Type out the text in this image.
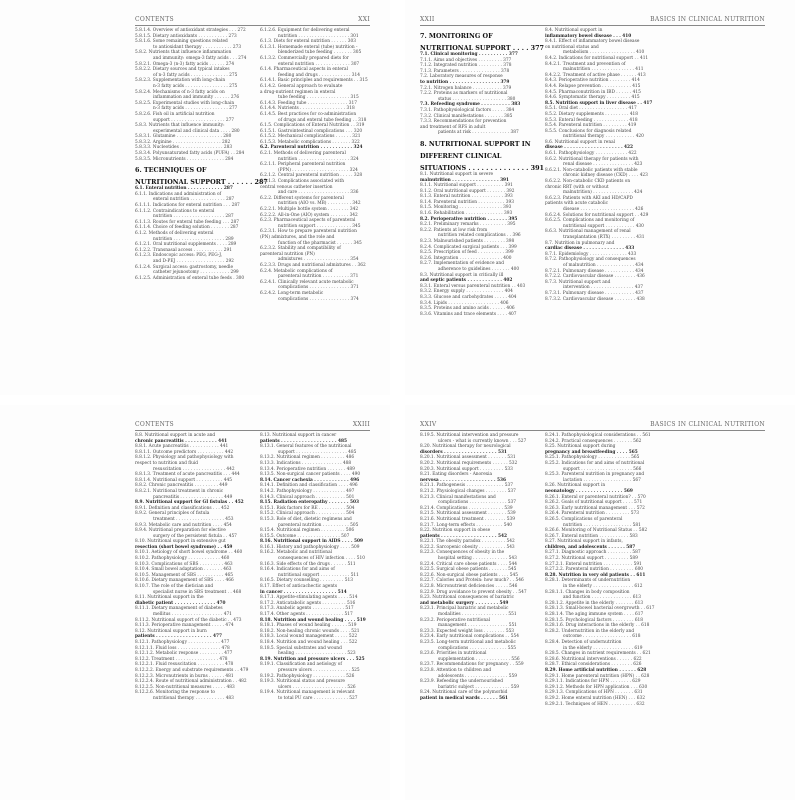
CONTENTS	XXI
5.8.1.4. Overview of antioxidant strategies . . . 272
5.8.1.5. Dietary antioxidants . . . . . . . . . . . 273
5.8.1.6. Some remaining questions related
to antioxidant therapy . . . . . . . . . . . 273
5.8.2. Nutrients that influence inflammation
and immunity: omega-3 fatty acids . . . 274
5.8.2.1. Omega-3 (n-3) fatty acids . . . . . . 274
5.8.2.2. Dietary sources and typical intakes
of n-3 fatty acids . . . . . . . . . . . . . . 275
5.8.2.3. Supplementation with long-chain
n-3 fatty acids . . . . . . . . . . . . . . . . 275
5.8.2.4. Mechanisms of n-3 fatty acids on
inflammation and immunity . . . . . . 276
5.8.2.5. Experimental studies with long-chain
n-3 fatty acids . . . . . . . . . . . . . . . . 277
5.8.2.6. Fish oil in artificial nutrition
support . . . . . . . . . . . . . . . . . . . . 277
5.8.3. Nutrients that influence immunity:
experimental and clinical data . . . . 280
5.8.3.1. Glutamine . . . . . . . . . . . . . . . . . 280
5.8.3.2. Arginine . . . . . . . . . . . . . . . . . . 282
5.8.3.3. Nucleotides . . . . . . . . . . . . . . . . 283
5.8.3.4. Polyunsaturated fatty acids (PUFA) . . 284
5.8.3.5. Micronutrients . . . . . . . . . . . . . . 284
6. TECHNIQUES OF
NUTRITIONAL SUPPORT . . . . . . 287
6.1. Enteral nutrition . . . . . . . . . . . . 287
6.1.1. Indications and administration of
enteral nutrition . . . . . . . . . . . . . 287
6.1.1.1. Indications for enteral nutrition . . . 287
6.1.1.2. Contraindications to enteral
nutrition . . . . . . . . . . . . . . . . . . . 287
6.1.1.3. Routes for enteral tube feeding . . . 287
6.1.1.4. Choice of feeding solution . . . . . . . 287
6.1.2. Methods of delivering enteral
nutrition . . . . . . . . . . . . . . . . . . . 289
6.1.2.1. Oral nutritional supplements . . . . 289
6.1.2.2. Transnasal access . . . . . . . . . . . 291
6.1.2.3. Endoscopic access: PEG, PEG-J,
and D-PEJ . . . . . . . . . . . . . . . . . . 292
6.1.2.4. Surgical access: gastrostomy, needle
catheter jejunostomy . . . . . . . . . . . 299
6.1.2.5. Administration of enteral tube feeds . 300
6.1.2.6. Equipment for delivering enteral
nutrition . . . . . . . . . . . . . . . . . . . 301
6.1.3. Diets for enteral nutrition . . . . . . 303
6.1.3.1. Homemade enteral (tube) nutrition -
blenderized tube feeding . . . . . . . 305
6.1.3.2. Commercially prepared diets for
enteral nutrition . . . . . . . . . . . . . 307
6.1.4. Pharmaceutical aspects in enteral
feeding and drugs . . . . . . . . . . . . 314
6.1.4.1. Basic principles and requirements . . 315
6.1.4.2. General approach to evaluate
a drug-nutrient regimen in enteral
tube feeding . . . . . . . . . . . . . . . . 315
6.1.4.3. Feeding tube . . . . . . . . . . . . . . . 317
6.1.4.4. Nutrients . . . . . . . . . . . . . . . . . 318
6.1.4.5. Best practices for co-administration
of drugs and enteral tube feeding . . 318
6.1.5. Complications of Enteral Nutrition . . 319
6.1.5.1. Gastrointestinal complications . . . 320
6.1.5.2. Mechanical complications . . . . . . 321
6.1.5.3. Metabolic complications . . . . . . . 322
6.2. Parenteral nutrition . . . . . . . . . . . 324
6.2.1. Methods of delivering parenteral
nutrition . . . . . . . . . . . . . . . . . . . 324
6.2.1.1. Peripheral parenteral nutrition
(PPN) . . . . . . . . . . . . . . . . . . . . . 324
6.2.1.2. Central parenteral nutrition . . . . . 328
6.2.1.3. Complications associated with
central venous catheter insertion
and care . . . . . . . . . . . . . . . . . . . 336
6.2.2. Different systems for parenteral
nutrition (AIO vs. MB) . . . . . . . . . 342
6.2.2.1. Multiple bottle system . . . . . . . . 342
6.2.2.2. All-in-One (AIO) system . . . . . . . 342
6.2.3. Pharmaceutical aspects of parenteral
nutrition support . . . . . . . . . . . . . 345
6.2.3.1. How to prepare parenteral nutrition
(PN) admixtures, and the role and
function of the pharmacist . . . . . . 345
6.2.3.2. Stability and compatibility of
parenteral nutrition (PN)
admixtures . . . . . . . . . . . . . . . . . 354
6.2.3.3. Drugs and nutritional admixtures . . 362
6.2.4. Metabolic complications of
parenteral nutrition . . . . . . . . . . 371
6.2.4.1. Clinically relevant acute metabolic
complications . . . . . . . . . . . . . . . 371
6.2.4.2. Long-term metabolic
complications . . . . . . . . . . . . . . . 374
XXII	BASICS IN CLINICAL NUTRITION
7. MONITORING OF
NUTRITIONAL SUPPORT . . . . 377
7.1. Clinical monitoring . . . . . . . . . . 377
7.1.1. Aims and objectives . . . . . . . . . 377
7.1.2. Integrated nutrition . . . . . . . . . 378
7.1.3. Parameters . . . . . . . . . . . . . . . 378
7.2. Laboratory measures of response
to nutrition . . . . . . . . . . . . . . . . . 379
7.2.1. Nitrogen balance . . . . . . . . . . . 379
7.2.2. Proteins as markers of nutritional
status . . . . . . . . . . . . . . . . . . . . 380
7.3. Refeeding syndrome . . . . . . . . . . 383
7.3.1. Pathophysiological factors . . . . . 384
7.3.2. Clinical manifestations . . . . . . . 385
7.3.3. Recommendations for prevention
and treatment of RFS in adult
patients at risk . . . . . . . . . . . . . . 387
8. NUTRITIONAL SUPPORT IN
DIFFERENT CLINICAL
SITUATIONS . . . . . . . . . . . . . . 391
8.1. Nutritional support in severe
malnutrition . . . . . . . . . . . . . . . . 391
8.1.1. Nutritional support . . . . . . . . . . 391
8.1.2. Oral nutritional support . . . . . . . 392
8.1.3. Enteral nutrition . . . . . . . . . . . . 393
8.1.4. Parenteral nutrition . . . . . . . . . . 393
8.1.5. Monitoring . . . . . . . . . . . . . . . . 393
8.1.6. Rehabilitation . . . . . . . . . . . . . . 393
8.2. Perioperative nutrition . . . . . . . 395
8.2.1. Preliminary remarks . . . . . . . . . . 395
8.2.2. Patients at low risk from
nutrition related complications . . 396
8.2.3. Malnourished patients . . . . . . . . 398
8.2.4. Complicated surgical patients . . . 399
8.2.5. Prescription of feed . . . . . . . . . . 399
8.2.6. Integration . . . . . . . . . . . . . . . . 400
8.2.7. Implementation of evidence and
adherence to guidelines . . . . . . . 400
8.3. Nutritional support in critically ill
and septic patients . . . . . . . . . . . . 402
8.3.1. Enteral versus parenteral nutrition . . 403
8.3.2. Energy supply . . . . . . . . . . . . . . 404
8.3.3. Glucose and carbohydrates . . . . . 404
8.3.4. Lipids . . . . . . . . . . . . . . . . . . . 406
8.3.5. Proteins and amino acids . . . . . . 406
8.3.6. Vitamins and trace elements . . . . 407
8.4. Nutritional support in
inflammatory bowel disease . . . 410
8.4.1. Effect of inflammatory bowel disease
on nutritional status and
metabolism . . . . . . . . . . . . . . . . . 410
8.4.2. Indications for nutritional support . . 411
8.4.2.1. Treatment and prevention of
malnutrition . . . . . . . . . . . . . . . . 411
8.4.2.2. Treatment of active phase . . . . . . 413
8.4.3. Perioperative nutrition . . . . . . . . 414
8.4.4. Relapse prevention . . . . . . . . . . . 415
8.4.5. Pharmaconutrition in IBD . . . . . . 415
8.4.6. Symptomatic therapy . . . . . . . . . 415
8.5. Nutrition support in liver disease . . 417
8.5.1. Oral diet . . . . . . . . . . . . . . . . . . 417
8.5.2. Dietary supplements . . . . . . . . . 418
8.5.3. Enteral feeding . . . . . . . . . . . . . 418
8.5.4. Parenteral nutrition . . . . . . . . . 419
8.5.5. Conclusions for diagnosis related
nutritional therapy . . . . . . . . . . . 420
8.6. Nutritional support in renal
disease . . . . . . . . . . . . . . . . . . . . 422
8.6.1. Pathophysiology . . . . . . . . . . . . 422
8.6.2. Nutritional therapy for patients with
renal disease . . . . . . . . . . . . . . . 423
8.6.2.1. Non-catabolic patients with stable
chronic kidney disease (CKD) . . . . 423
8.6.2.2. Non-catabolic CKD patients on
chronic RRT (with or without
malnutrition) . . . . . . . . . . . . . . . 424
8.6.2.3. Patients with AKI and HD/CAPD
patients with acute catabolic
disease . . . . . . . . . . . . . . . . . . . . 426
8.6.2.4. Solutions for nutritional support . . 429
8.6.2.5. Complications and monitoring of
nutritional support . . . . . . . . . . . 430
8.6.3. Nutritional management of renal
transplantation (RTX) . . . . . . . . . 431
8.7. Nutrition in pulmonary and
cardiac disease . . . . . . . . . . . . . . 433
8.7.1. Epidemiology . . . . . . . . . . . . . . 433
8.7.2. Pathophysiology and consequences
of malnutrition . . . . . . . . . . . . . . 434
8.7.2.1. Pulmonary disease . . . . . . . . . . . 434
8.7.2.2. Cardiovascular disease . . . . . . . . 436
8.7.3. Nutritional support and
intervention . . . . . . . . . . . . . . . . 437
8.7.3.1. Pulmonary disease . . . . . . . . . . . 437
8.7.3.2. Cardiovascular disease . . . . . . . . 438
CONTENTS	XXIII
8.8. Nutritional support in acute and
chronic pancreatitis . . . . . . . . . . . 441
8.8.1. Acute pancreatitis . . . . . . . . . . . 441
8.8.1.1. Outcome predictors . . . . . . . . . . 442
8.8.1.2. Physiology and pathophysiology with
respect to nutrition and fluid
resuscitation . . . . . . . . . . . . . . . . 442
8.8.1.3. Treatment of acute pancreatitis . . . 444
8.8.1.4. Nutritional support . . . . . . . . . . 445
8.8.2. Chronic pancreatitis . . . . . . . . . 449
8.8.2.1. Nutritional treatment in chronic
pancreatitis . . . . . . . . . . . . . . . . 449
8.9. Nutritional support for GI fistulas . . 452
8.9.1. Definition and classifications . . . 452
8.9.2. General principles of fistula
treatment . . . . . . . . . . . . . . . . . . 453
8.9.3. Metabolic care and nutrition . . . . 454
8.9.4. Nutritional preparation for elective
surgery of the persistent fistula . . 457
8.10. Nutritional support in extensive gut
resection (short bowel syndrome) . . 459
8.10.1. Aetiology of short bowel syndrome . . 460
8.10.2. Pathophysiology . . . . . . . . . . . . 460
8.10.3. Complications of SBS . . . . . . . . . 463
8.10.4. Small bowel adaptation . . . . . . . 463
8.10.5. Management of SBS . . . . . . . . . . 465
8.10.6. Dietary management of SBS . . . . 466
8.10.7. The role of the dietician and
specialist nurse in SBS treatment . . 468
8.11. Nutritional support in the
diabetic patient . . . . . . . . . . . . . . 470
8.11.1. Dietary management of diabetes
mellitus . . . . . . . . . . . . . . . . . . . 471
8.11.2. Nutritional support of the diabetic . . 473
8.11.3. Perioperative management . . . . . 474
8.12. Nutritional support in burn
patients . . . . . . . . . . . . . . . . . . . 477
8.12.1. Pathophysiology . . . . . . . . . . . . 477
8.12.1.1. Fluid loss . . . . . . . . . . . . . . . . 478
8.12.1.2. Metabolic response . . . . . . . . . 477
8.12.2. Treatment . . . . . . . . . . . . . . . . 478
8.12.2.1. Fluid resuscitation . . . . . . . . . . 478
8.12.2.2. Energy and substrate requirements . . 479
8.12.2.3. Micronutrients in burns . . . . . . 481
8.12.2.4. Route of nutritional administration . . 482
8.12.2.5. Non-nutritional measures . . . . . 483
8.12.2.6. Monitoring the response to
nutritional therapy . . . . . . . . . . . 483
8.13. Nutritional support in cancer
patients . . . . . . . . . . . . . . . . . . . 485
8.13.1. General features of the nutritional
support . . . . . . . . . . . . . . . . . . . 485
8.13.2. Nutritional regimen . . . . . . . . . 486
8.13.3. Indications . . . . . . . . . . . . . . . 488
8.13.4. Perioperative nutrition . . . . . . . 489
8.13.5. Non-surgical cancer patients . . . . 490
8.14. Cancer cachexia . . . . . . . . . . . . 496
8.14.1. Definition and classification . . . . 496
8.14.2. Pathophysiology . . . . . . . . . . . . 497
8.14.3. Clinical approach . . . . . . . . . . . 501
8.15. Radiation enteropathy . . . . . . . 503
8.15.1. Risk factors for RE . . . . . . . . . . 504
8.15.2. Clinical approach . . . . . . . . . . . 504
8.15.3. Role of diet, dietetic regimens and
parenteral nutrition . . . . . . . . . . 505
8.15.4. Nutritional regimen . . . . . . . . . 506
8.15.5. Outcome . . . . . . . . . . . . . . . . 507
8.16. Nutritional support in AIDS . . . . 509
8.16.1. History and pathophysiology . . . . 509
8.16.2. Metabolic and nutritional
consequences of HIV infection . . . . 510
8.16.3. Side effects of the drugs . . . . . . 511
8.16.4. Indications for and aims of
nutritional support . . . . . . . . . . . 511
8.16.5. Dietary counselling . . . . . . . . . 513
8.17. Effect of anticachectic agents
in cancer . . . . . . . . . . . . . . . . . . 514
8.17.1. Appetite-stimulating agents . . . . 514
8.17.2. Anticatabolic agents . . . . . . . . . 516
8.17.3. Anabolic agents . . . . . . . . . . . . 517
8.17.4. Other agents . . . . . . . . . . . . . . 517
8.18. Nutrition and wound healing . . . . 519
8.18.1. Phases of wound healing . . . . . . 519
8.18.2. Non-healing chronic wounds . . . . 521
8.18.3. Local wound management . . . . . 522
8.18.4. Nutrition and wound healing . . . 522
8.18.5. Special substrates and wound
healing . . . . . . . . . . . . . . . . . . . 523
8.19. Nutrition and pressure ulcers . . . 525
8.19.1. Classification and aetiology of
pressure ulcers . . . . . . . . . . . . . . 525
8.19.2. Pathophysiology . . . . . . . . . . . . 526
8.19.3. Nutritional status and pressure
ulcers . . . . . . . . . . . . . . . . . . . . 526
8.19.4. Nutritional management is relevant
to total PU care . . . . . . . . . . . . . 527
XXIV	BASICS IN CLINICAL NUTRITION
8.19.5. Nutritional intervention and pressure
ulcers - what is currently known . . . 527
8.20. Nutritional therapy for neurological
disorders . . . . . . . . . . . . . . . . . . 531
8.20.1. Nutritional assessment . . . . . . . 531
8.20.2. Nutritional requirements . . . . . . 532
8.20.3. Nutritional support . . . . . . . . . 533
8.21. Eating disorders - Anorexia
nervosa . . . . . . . . . . . . . . . . . . . 536
8.21.1. Pathogenesis . . . . . . . . . . . . . . 537
8.21.2. Physiological changes . . . . . . . . 537
8.21.3. Clinical manifestations and
complications . . . . . . . . . . . . . . 537
8.21.4. Complications . . . . . . . . . . . . . 539
8.21.5. Nutritional assessment . . . . . . . 539
8.21.6. Nutritional treatment . . . . . . . . 539
8.21.7. Long-term effects . . . . . . . . . . 540
8.22. Nutrition support in obese
patients . . . . . . . . . . . . . . . . . . . 542
8.22.1. The obesity paradox . . . . . . . . . 542
8.22.2. Sarcopenic obesity . . . . . . . . . . 543
8.22.3. Consequences of obesity in the
hospital setting . . . . . . . . . . . . . 543
8.22.4. Critical care obese patients . . . . 544
8.22.5. Surgical obese patients . . . . . . . 545
8.22.6. Non-surgical obese patients . . . . 545
8.22.7. Calories and Protein: how much? . . 546
8.22.8. Micronutrient deficiencies . . . . . 546
8.22.9. Drug avoidance to prevent obesity . . 547
8.23. Nutritional consequences of bariatric
and metabolic surgery . . . . . . . . 549
8.23.1. Principal bariatric and metabolic
modalities . . . . . . . . . . . . . . . . . 551
8.23.2. Perioperative nutritional
management . . . . . . . . . . . . . . . 551
8.23.3. Expected weight loss . . . . . . . . 553
8.23.4. Early nutritional complications . . 554
8.23.5. Long-term nutritional and metabolic
complications . . . . . . . . . . . . . . 555
8.23.6. Priorities in nutritional
supplementation . . . . . . . . . . . . . 556
8.23.7. Recommendations for pregnancy . . 559
8.23.8. Attention to children and
adolescents . . . . . . . . . . . . . . . . 559
8.23.9. Refeeding the undernourished
bariatric subject . . . . . . . . . . . . . 559
8.24. Nutritional care of the polymorbid
patient in medical wards . . . . . . 561
8.24.1. Pathophysiological considerations . . 561
8.24.2. Practical consequences . . . . . . . 562
8.25. Nutritional support during
pregnancy and breastfeeding . . . . 565
8.25.1. Pathophysiology . . . . . . . . . . . . 565
8.25.2. Indications for and aims of nutritional
support . . . . . . . . . . . . . . . . . . . 566
8.25.3. Parenteral nutrition in pregnancy and
lactation . . . . . . . . . . . . . . . . . . 567
8.26. Nutritional support in
neonatology . . . . . . . . . . . . . . . . 569
8.26.1. Enteral or parenteral nutrition? . . 570
8.26.2. Goals of nutritional support . . . . 571
8.26.3. Early nutritional management . . . 572
8.26.4. Parenteral nutrition . . . . . . . . . 573
8.26.5. Complications of parenteral
nutrition . . . . . . . . . . . . . . . . . . 581
8.26.6. Monitoring of Nutritional Status . . 582
8.26.7. Enteral nutrition . . . . . . . . . . . 583
8.27. Nutritional support in infants,
children, and adolescents . . . . . . 587
8.27.1. Diagnostic approach . . . . . . . . . 587
8.27.2. Nutritional support . . . . . . . . . 589
8.27.2.1. Enteral nutrition . . . . . . . . . . . 591
8.27.2.2. Parenteral nutrition . . . . . . . . . 600
8.28. Nutrition in very old patients . . 611
8.28.1. Determinants of undernutrition
in the elderly . . . . . . . . . . . . . . . 612
8.28.1.1. Changes in body composition
and function . . . . . . . . . . . . . . . 613
8.28.1.2. Appetite in the elderly . . . . . . . 613
8.28.1.3. Small-bowel bacterial overgrowth . . 617
8.28.1.4. The aging immune system . . . . 617
8.28.1.5. Psychological factors . . . . . . . . 618
8.28.1.6. Drug interactions in the elderly . . 618
8.28.2. Undernutrition in the elderly and
outcome . . . . . . . . . . . . . . . . . . 618
8.28.4. Detection of undernutrition
in the elderly . . . . . . . . . . . . . . . 619
8.28.5. Changes in nutrient requirements . . 621
8.28.6. Nutritional interventions . . . . . . 622
8.28.7. Ethical considerations . . . . . . . . 626
8.29. Home artificial nutrition . . . . . . 628
8.29.1. Home parenteral nutrition (HPN) . . 628
8.29.1.1. Indications for HPN . . . . . . . . 629
8.29.1.2. Methods for HPN application . . . 630
8.29.1.3. Complications of HPN . . . . . . . 631
8.29.2. Home enteral nutrition (HEN) . . . 632
8.29.2.1. Techniques of HEN . . . . . . . . . . 632
